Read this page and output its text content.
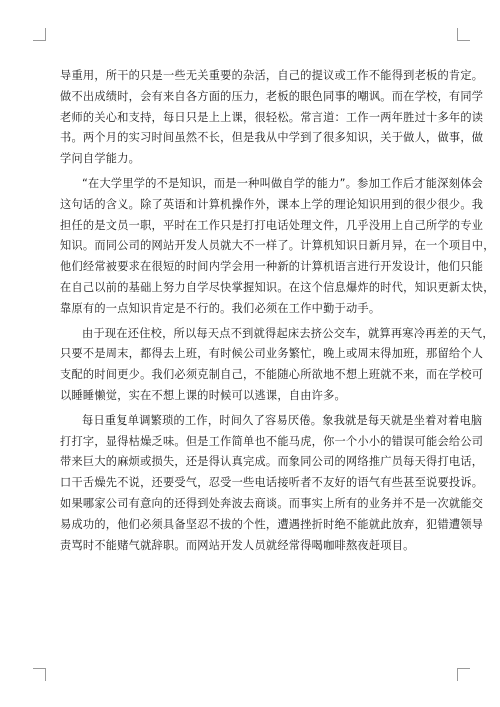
导重用，所干的只是一些无关重要的杂活，自己的提议或工作不能得到老板的肯定。
做不出成绩时，会有来自各方面的压力，老板的眼色同事的嘲讽。而在学校，有同学
老师的关心和支持，每日只是上上课，很轻松。常言道：工作一两年胜过十多年的读
书。两个月的实习时间虽然不长，但是我从中学到了很多知识，关于做人，做事，做
学问自学能力。

“在大学里学的不是知识，而是一种叫做自学的能力”。参加工作后才能深刻体会
这句话的含义。除了英语和计算机操作外，课本上学的理论知识用到的很少很少。我
担任的是文员一职，平时在工作只是打打电话处理文件，几乎没用上自己所学的专业
知识。而同公司的网站开发人员就大不一样了。计算机知识日新月异，在一个项目中，
他们经常被要求在很短的时间内学会用一种新的计算机语言进行开发设计，他们只能
在自己以前的基础上努力自学尽快掌握知识。在这个信息爆炸的时代，知识更新太快，
靠原有的一点知识肯定是不行的。我们必须在工作中勤于动手。

由于现在还住校，所以每天点不到就得起床去挤公交车，就算再寒冷再差的天气，
只要不是周末，都得去上班，有时候公司业务繁忙，晚上或周末得加班，那留给个人
支配的时间更少。我们必须克制自己，不能随心所欲地不想上班就不来，而在学校可
以睡睡懒觉，实在不想上课的时候可以逃课，自由许多。

每日重复单调繁琐的工作，时间久了容易厌倦。象我就是每天就是坐着对着电脑
打打字，显得枯燥乏味。但是工作简单也不能马虎，你一个小小的错误可能会给公司
带来巨大的麻烦或损失，还是得认真完成。而象同公司的网络推广员每天得打电话，
口干舌燥先不说，还要受气，忍受一些电话接听者不友好的语气有些甚至说要投诉。
如果哪家公司有意向的还得到处奔波去商谈。而事实上所有的业务并不是一次就能交
易成功的，他们必须具备坚忍不拔的个性，遭遇挫折时绝不能就此放弃，犯错遭领导
责骂时不能赌气就辞职。而网站开发人员就经常得喝咖啡熬夜赶项目。
